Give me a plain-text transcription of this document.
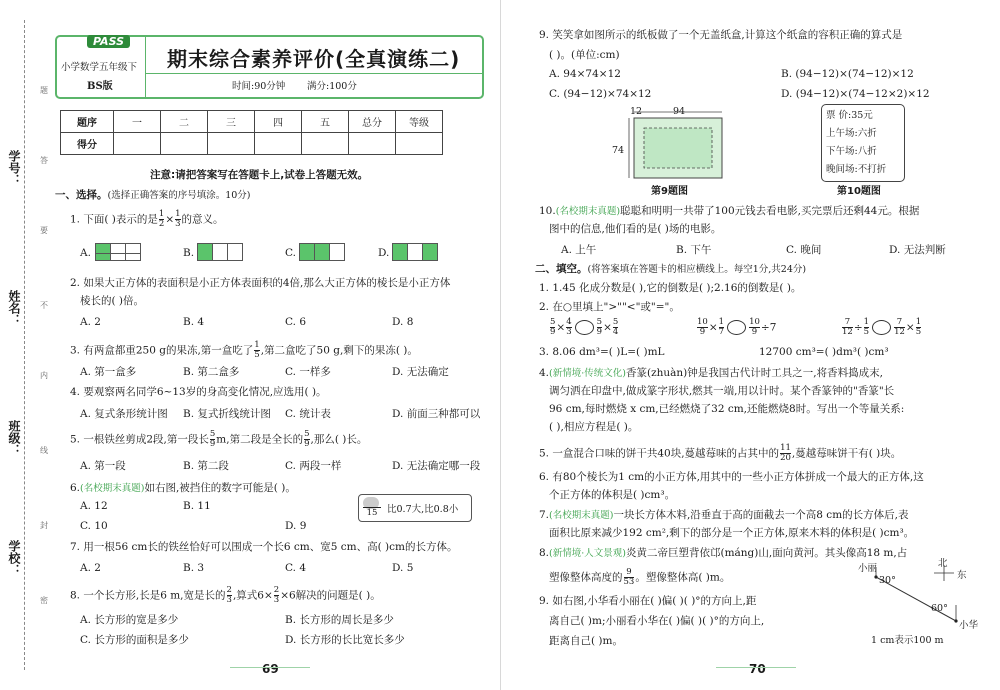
学校：
班级：
姓名：
学号：
题
答
要
不
内
线
封
密
PASS
小学数学五年级下
BS版
期末综合素养评价(全真演练二)
时间:90分钟 满分:100分
题序	一	二	三	四	五	总分	等级
得分							
注意:请把答案写在答题卡上,试卷上答题无效。
一、选择。(选择正确答案的序号填涂。10分)
1. 下面( )表示的是 $\frac{1}{2} \times \frac{1}{3}$ 的意义。
A.	B.	C.	D.
2. 如果大正方体的表面积是小正方体表面积的4倍,那么大正方体的棱长是小正方体
棱长的( )倍。
A. 2	B. 4	C. 6	D. 8
3. 有两盒都重250 g的果冻,第一盒吃了 $\frac{1}{5}$ ,第二盒吃了50 g,剩下的果冻( )。
A. 第一盒多	B. 第二盒多	C. 一样多	D. 无法确定
4. 要观察两名同学6~13岁的身高变化情况,应选用( )。
A. 复式条形统计图 B. 复式折线统计图 C. 统计表	D. 前面三种都可以
5. 一根铁丝剪成2段,第一段长 $\frac{5}{9} m$,第二段是全长的 $\frac{5}{9}$ ,那么( )长。
A. 第一段	B. 第二段	C. 两段一样	D. 无法确定哪一段
6.(名校期末真题)如右图,被挡住的数字可能是( )。
A. 12	B. 11
C. 10	D. 9
15	比0.7大,比0.8小
7. 用一根56 cm长的铁丝恰好可以围成一个长6 cm、宽5 cm、高( )cm的长方体。
A. 2	B. 3	C. 4	D. 5
8. 一个长方形,长是6 m,宽是长的 $\frac{2}{3}$ ,算式$6\times \frac{2}{3} \times 6$解决的问题是( )。
A. 长方形的宽是多少	B. 长方形的周长是多少
C. 长方形的面积是多少	D. 长方形的长比宽长多少
69
9. 笑笑拿如图所示的纸板做了一个无盖纸盒,计算这个纸盒的容积正确的算式是
( )。(单位:cm)
A. 94×74×12	B. (94−12)×(74−12)×12
C. (94−12)×74×12	D. (94−12)×(74−12×2)×12
12	94
74
第9题图
票 价:35元
上午场:六折
下午场:八折
晚间场:不打折
第10题图
10.(名校期末真题)聪聪和明明一共带了100元钱去看电影,买完票后还剩44元。根据
图中的信息,他们看的是( )场的电影。
A. 上午	B. 下午	C. 晚间	D. 无法判断
二、填空。(将答案填在答题卡的相应横线上。每空1分,共24分)
1. 1.45 化成分数是( ),它的倒数是( );2.16的倒数是( )。
2. 在○里填上">""<"或"="。
$\frac{5}{9} \times \frac{4}{3}$	$\frac{5}{9} \times \frac{5}{4}$	$\frac{10}{9} \times \frac{1}{7}$	$\frac{10}{9} \div 7$	$\frac{7}{12} \div \frac{1}{5}$	$\frac{7}{12} \times \frac{1}{5}$
3. 8.06 dm³=( )L=( )mL	12700 cm³=( )dm³( )cm³
4.(新情境·传统文化)香篆(zhuàn)钟是我国古代计时工具之一,将香料捣成末,
调匀洒在印盘中,做成篆字形状,燃其一端,用以计时。某个香篆钟的"香篆"长
96 cm,每时燃烧 x cm,已经燃烧了32 cm,还能燃烧8时。写出一个等量关系:
( ),相应方程是( )。
5. 一盒混合口味的饼干共40块,蔓越莓味的占其中的 $\frac{11}{20}$ ,蔓越莓味饼干有( )块。
6. 有80个棱长为1 cm的小正方体,用其中的一些小正方体拼成一个最大的正方体,这
个正方体的体积是( )cm³。
7.(名校期末真题)一块长方体木料,沿垂直于高的面截去一个高8 cm的长方体后,表
面积比原来减少192 cm²,剩下的部分是一个正方体,原来木料的体积是( )cm³。
8.(新情境·人文景观)炎黄二帝巨塑背依邙(máng)山,面向黄河。其头像高18 m,占
塑像整体高度的 $\frac{9}{53}$ 。塑像整体高( )m。
9. 如右图,小华看小丽在( )偏( )( )°的方向上,距
离自己( )m;小丽看小华在( )偏( )( )°的方向上,
距离自己( )m。
小丽
30°
北
东
60°
小华
1 cm表示100 m
70
